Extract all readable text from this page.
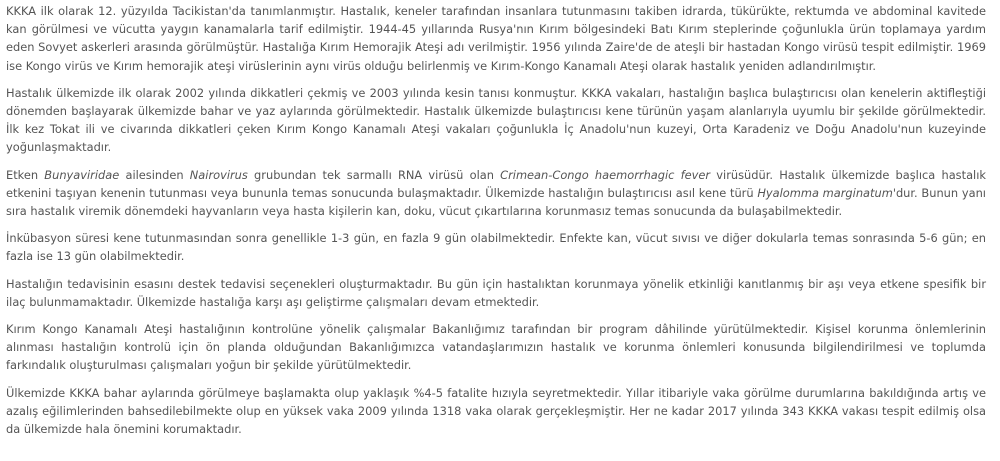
KKKA ilk olarak 12. yüzyılda Tacikistan'da tanımlanmıştır. Hastalık, keneler tarafından insanlara tutunmasını takiben idrarda, tükürükte, rektumda ve abdominal kavitede kan görülmesi ve vücutta yaygın kanamalarla tarif edilmiştir. 1944-45 yıllarında Rusya'nın Kırım bölgesindeki Batı Kırım steplerinde çoğunlukla ürün toplamaya yardım eden Sovyet askerleri arasında görülmüştür. Hastalığa Kırım Hemorajik Ateşi adı verilmiştir. 1956 yılında Zaire'de de ateşli bir hastadan Kongo virüsü tespit edilmiştir. 1969 ise Kongo virüs ve Kırım hemorajik ateşi virüslerinin aynı virüs olduğu belirlenmiş ve Kırım-Kongo Kanamalı Ateşi olarak hastalık yeniden adlandırılmıştır.

Hastalık ülkemizde ilk olarak 2002 yılında dikkatleri çekmiş ve 2003 yılında kesin tanısı konmuştur. KKKA vakaları, hastalığın başlıca bulaştırıcısı olan kenelerin aktifleştiği dönemden başlayarak ülkemizde bahar ve yaz aylarında görülmektedir. Hastalık ülkemizde bulaştırıcısı kene türünün yaşam alanlarıyla uyumlu bir şekilde görülmektedir. İlk kez Tokat ili ve civarında dikkatleri çeken Kırım Kongo Kanamalı Ateşi vakaları çoğunlukla İç Anadolu'nun kuzeyi, Orta Karadeniz ve Doğu Anadolu'nun kuzeyinde yoğunlaşmaktadır.

Etken Bunyaviridae ailesinden Nairovirus grubundan tek sarmallı RNA virüsü olan Crimean-Congo haemorrhagic fever virüsüdür. Hastalık ülkemizde başlıca hastalık etkenini taşıyan kenenin tutunması veya bununla temas sonucunda bulaşmaktadır. Ülkemizde hastalığın bulaştırıcısı asıl kene türü Hyalomma marginatum'dur. Bunun yanı sıra hastalık viremik dönemdeki hayvanların veya hasta kişilerin kan, doku, vücut çıkartılarına korunmasız temas sonucunda da bulaşabilmektedir.

İnkübasyon süresi kene tutunmasından sonra genellikle 1-3 gün, en fazla 9 gün olabilmektedir. Enfekte kan, vücut sıvısı ve diğer dokularla temas sonrasında 5-6 gün; en fazla ise 13 gün olabilmektedir.

Hastalığın tedavisinin esasını destek tedavisi seçenekleri oluşturmaktadır. Bu gün için hastalıktan korunmaya yönelik etkinliği kanıtlanmış bir aşı veya etkene spesifik bir ilaç bulunmamaktadır. Ülkemizde hastalığa karşı aşı geliştirme çalışmaları devam etmektedir.

Kırım Kongo Kanamalı Ateşi hastalığının kontrolüne yönelik çalışmalar Bakanlığımız tarafından bir program dâhilinde yürütülmektedir. Kişisel korunma önlemlerinin alınması hastalığın kontrolü için ön planda olduğundan Bakanlığımızca vatandaşlarımızın hastalık ve korunma önlemleri konusunda bilgilendirilmesi ve toplumda farkındalık oluşturulması çalışmaları yoğun bir şekilde yürütülmektedir.

Ülkemizde KKKA bahar aylarında görülmeye başlamakta olup yaklaşık %4-5 fatalite hızıyla seyretmektedir. Yıllar itibariyle vaka görülme durumlarına bakıldığında artış ve azalış eğilimlerinden bahsedilebilmekte olup en yüksek vaka 2009 yılında 1318 vaka olarak gerçekleşmiştir. Her ne kadar 2017 yılında 343 KKKA vakası tespit edilmiş olsa da ülkemizde hala önemini korumaktadır.
